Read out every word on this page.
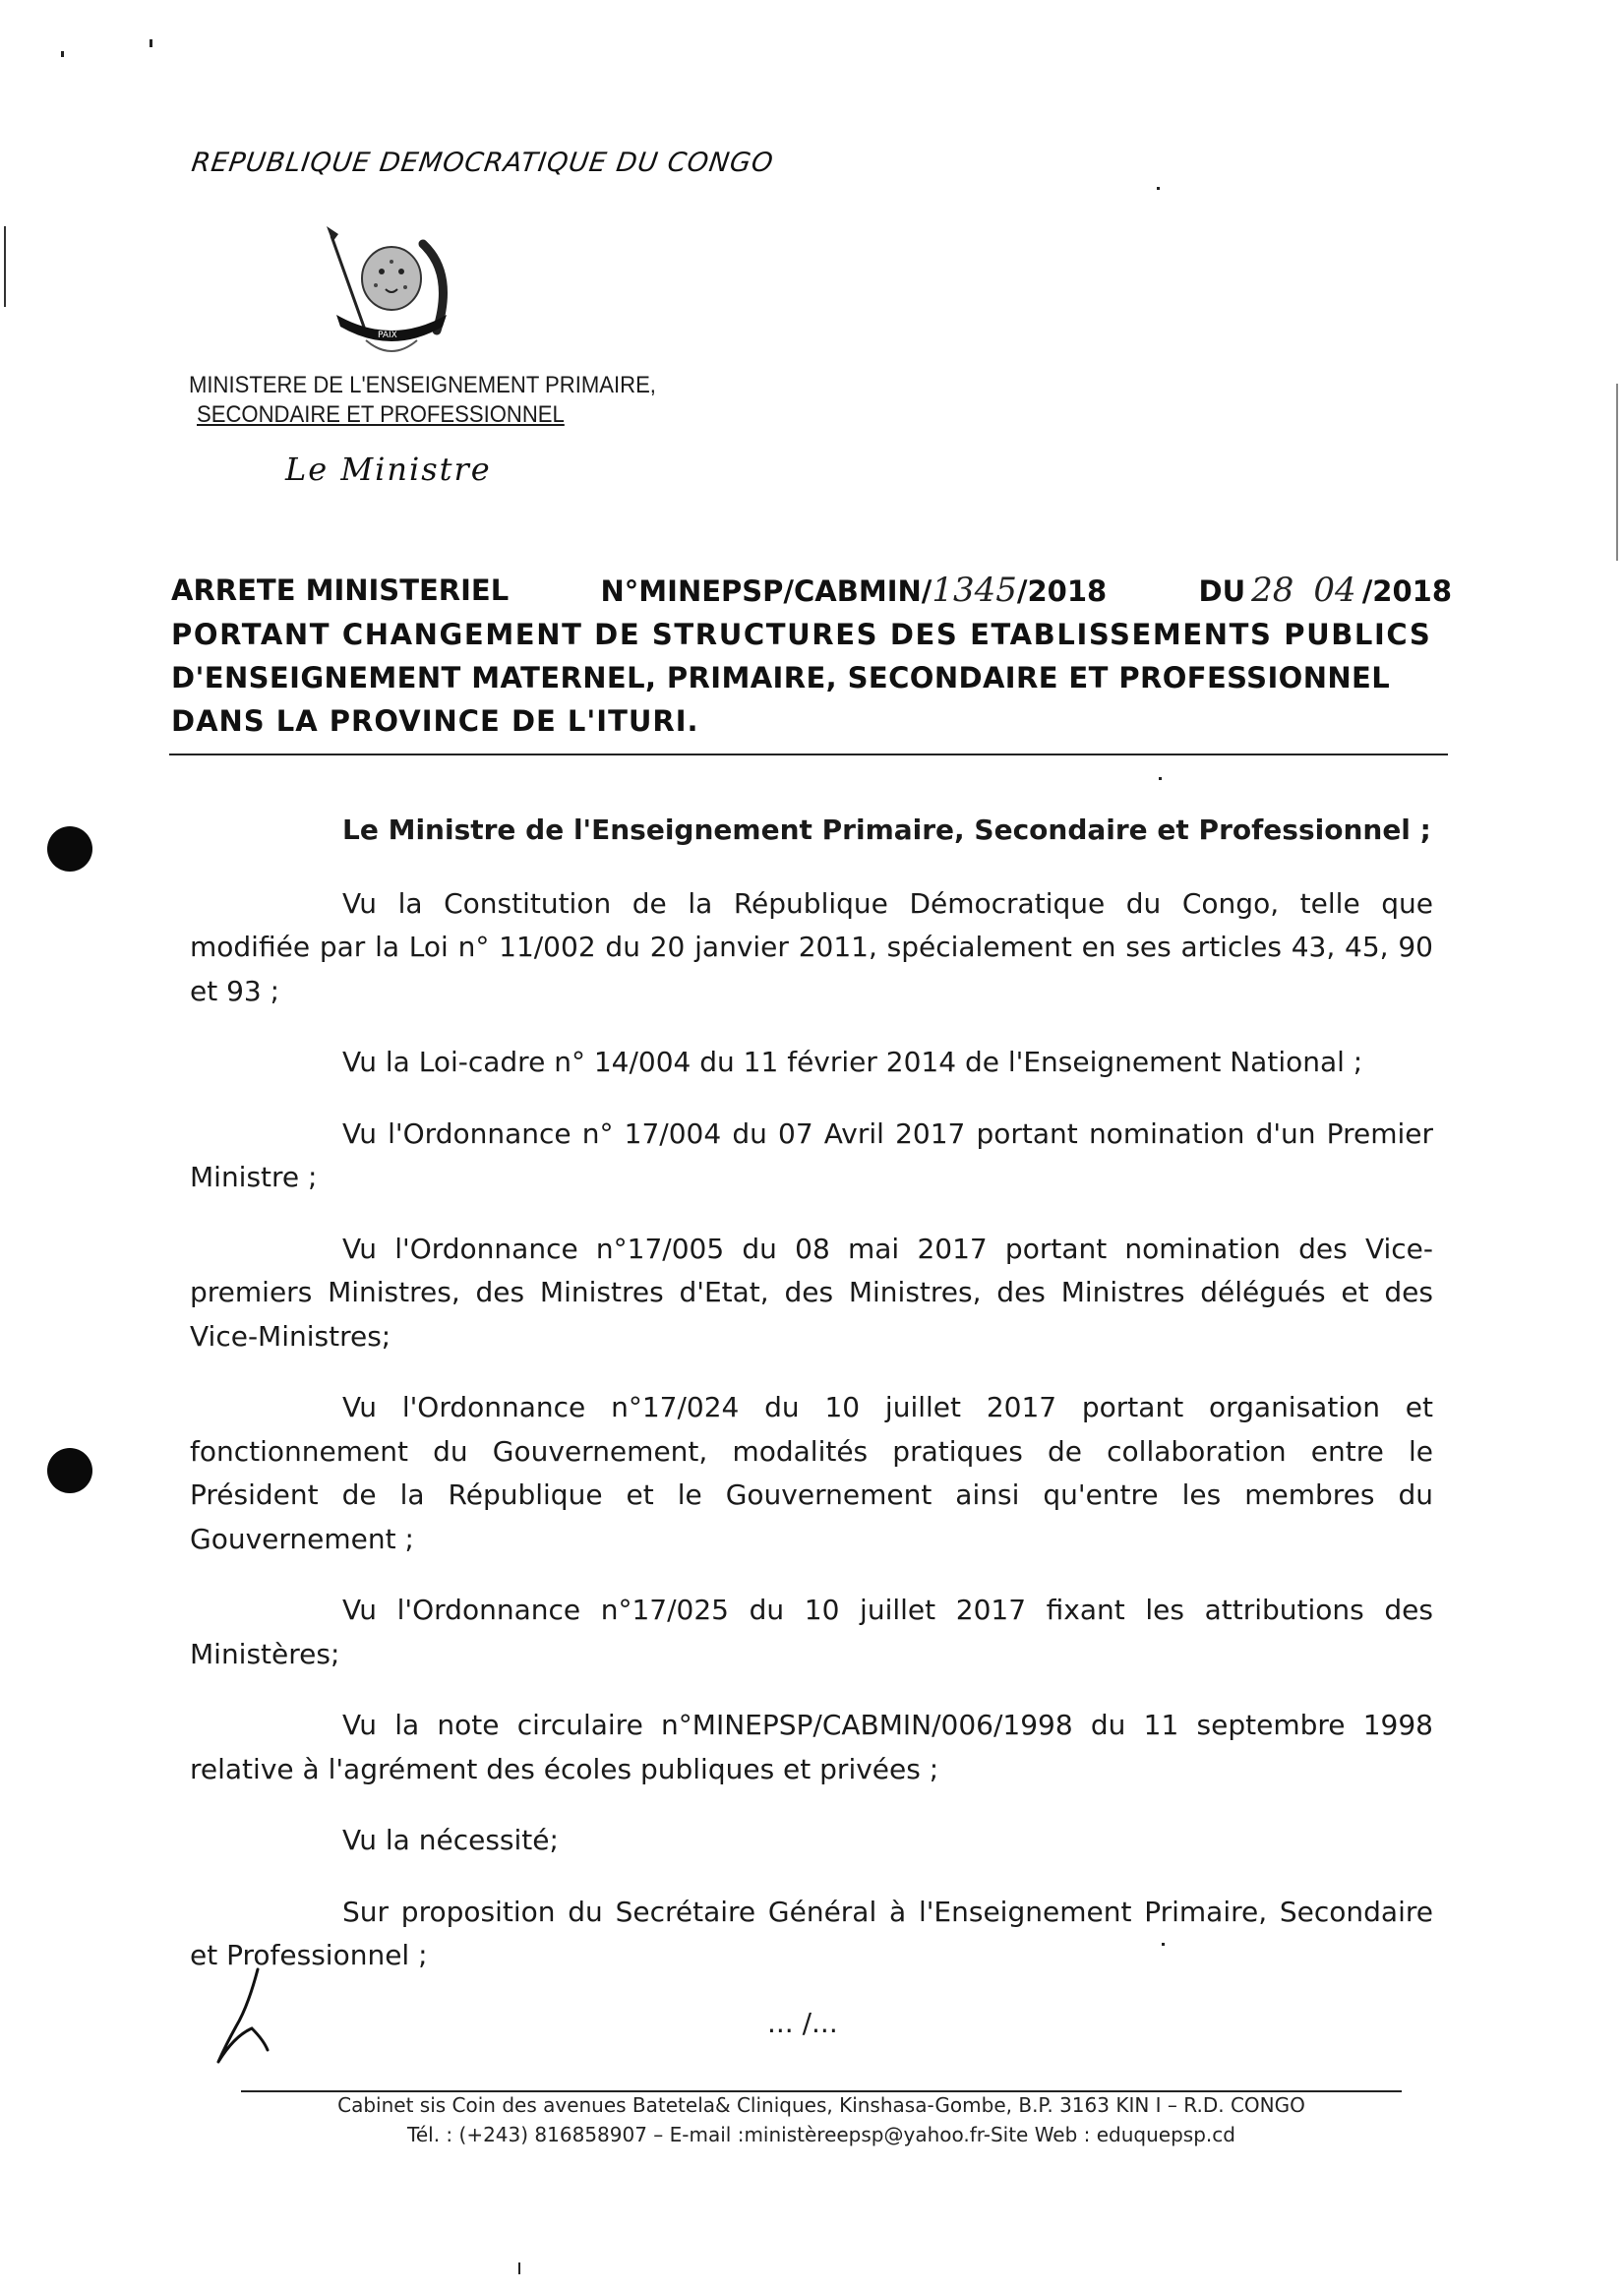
REPUBLIQUE DEMOCRATIQUE DU CONGO
PAIX
MINISTERE DE L'ENSEIGNEMENT PRIMAIRE,
SECONDAIRE ET PROFESSIONNEL
Le Ministre
ARRETE MINISTERIEL	N°MINEPSP/CABMIN/1345/2018	DU 28 04 /2018
PORTANT CHANGEMENT DE STRUCTURES DES ETABLISSEMENTS PUBLICS
D'ENSEIGNEMENT MATERNEL, PRIMAIRE, SECONDAIRE ET PROFESSIONNEL
DANS LA PROVINCE DE L'ITURI.

Le Ministre de l'Enseignement Primaire, Secondaire et Professionnel ;

Vu la Constitution de la République Démocratique du Congo, telle que modifiée par la Loi n° 11/002 du 20 janvier 2011, spécialement en ses articles 43, 45, 90 et 93 ;

Vu la Loi-cadre n° 14/004 du 11 février 2014 de l'Enseignement National ;

Vu l'Ordonnance n° 17/004 du 07 Avril 2017 portant nomination d'un Premier Ministre ;

Vu l'Ordonnance n°17/005 du 08 mai 2017 portant nomination des Vice-premiers Ministres, des Ministres d'Etat, des Ministres, des Ministres délégués et des Vice-Ministres;

Vu l'Ordonnance n°17/024 du 10 juillet 2017 portant organisation et fonctionnement du Gouvernement, modalités pratiques de collaboration entre le Président de la République et le Gouvernement ainsi qu'entre les membres du Gouvernement ;

Vu l'Ordonnance n°17/025 du 10 juillet 2017 fixant les attributions des Ministères;

Vu la note circulaire n°MINEPSP/CABMIN/006/1998 du 11 septembre 1998 relative à l'agrément des écoles publiques et privées ;

Vu la nécessité;

Sur proposition du Secrétaire Général à l'Enseignement Primaire, Secondaire et Professionnel ;

... /...
Cabinet sis Coin des avenues Batetela& Cliniques, Kinshasa-Gombe, B.P. 3163 KIN I – R.D. CONGO
Tél. : (+243) 816858907 – E-mail :ministèreepsp@yahoo.fr-Site Web : eduquepsp.cd
